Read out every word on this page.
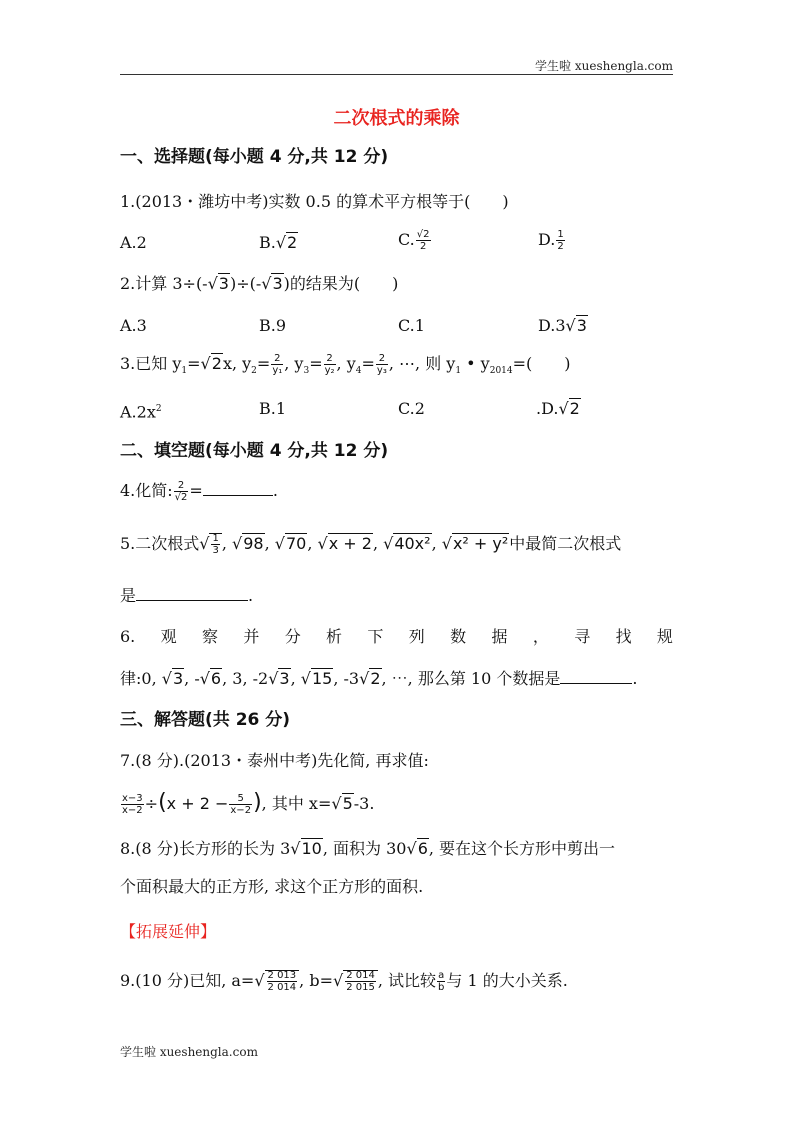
学生啦 xueshengla.com
二次根式的乘除
一、选择题(每小题 4 分,共 12 分)
1.(2013・潍坊中考)实数 0.5 的算术平方根等于(　　)
A.2	B.√2	C. $\frac{√2}{2}$	D. $\frac{1}{2}$
2.计算 3÷(-√3)÷(-√3)的结果为(　　)
A.3	B.9	C.1	D.3√3
3.已知 $y_1=√2x$, $y_2= \frac{2}{\text{y₁}}$ , $y_3= \frac{2}{\text{y₂}}$ , $y_4= \frac{2}{\text{y₃}}$ , ⋯, 则 $y_1$ • $y_{2014}=$(　　)
$A.2x^2$	B.1	C.2	.D.√2
二、填空题(每小题 4 分,共 12 分)
4.化简: $\frac{2}{√2}$ =	.
5.二次根式√ $\frac{1}{3}$ , √98, √70, √x + 2, √40x², √x² + y²中最简二次根式
是	.
6. 观 察 并 分 析 下 列 数 据 ， 寻 找 规
律:0, √3, -√6, 3, -2√3, √15, -3√2, ⋯, 那么第 10 个数据是	.
三、解答题(共 26 分)
7.(8 分).(2013・泰州中考)先化简, 再求值:
$\frac{x-3}{x-2} \div(x + 2 - \frac{5}{x-2}$ ), 其中 x=√5-3.
8.(8 分)长方形的长为 3√10, 面积为 30√6, 要在这个长方形中剪出一
个面积最大的正方形, 求这个正方形的面积.
【拓展延伸】
9.(10 分)已知, $a=√ \frac{2 013}{2 014}$ , $b=√ \frac{2 014}{2 015}$ , 试比较 $\frac{a}{b}$ 与 1 的大小关系.
学生啦 xueshengla.com
